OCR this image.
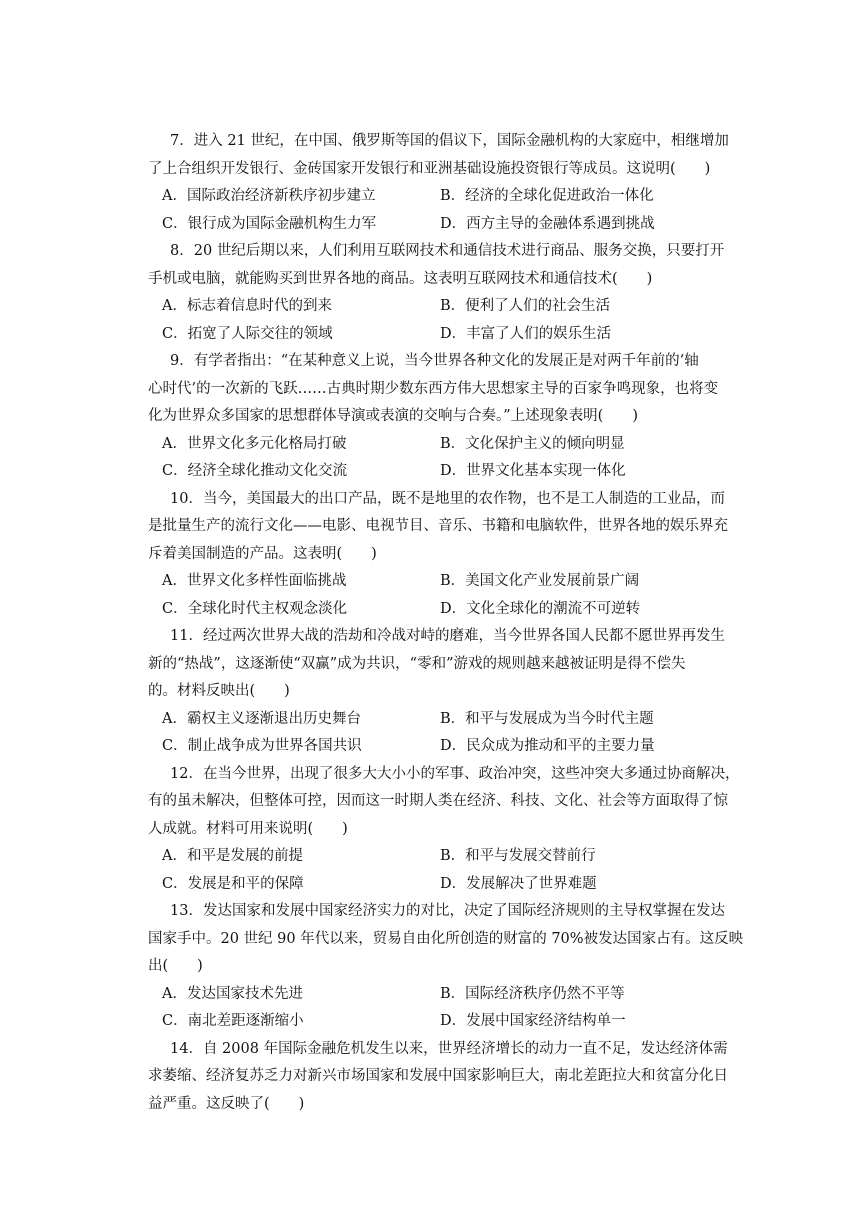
7．进入 21 世纪，在中国、俄罗斯等国的倡议下，国际金融机构的大家庭中，相继增加
了上合组织开发银行、金砖国家开发银行和亚洲基础设施投资银行等成员。这说明(　　)
A．国际政治经济新秩序初步建立	B．经济的全球化促进政治一体化
C．银行成为国际金融机构生力军	D．西方主导的金融体系遇到挑战
8．20 世纪后期以来，人们利用互联网技术和通信技术进行商品、服务交换，只要打开
手机或电脑，就能购买到世界各地的商品。这表明互联网技术和通信技术(　　)
A．标志着信息时代的到来	B．便利了人们的社会生活
C．拓宽了人际交往的领域	D．丰富了人们的娱乐生活
9．有学者指出：“在某种意义上说，当今世界各种文化的发展正是对两千年前的‘轴
心时代’的一次新的飞跃……古典时期少数东西方伟大思想家主导的百家争鸣现象，也将变
化为世界众多国家的思想群体导演或表演的交响与合奏。”上述现象表明(　　)
A．世界文化多元化格局打破	B．文化保护主义的倾向明显
C．经济全球化推动文化交流	D．世界文化基本实现一体化
10．当今，美国最大的出口产品，既不是地里的农作物，也不是工人制造的工业品，而
是批量生产的流行文化——电影、电视节目、音乐、书籍和电脑软件，世界各地的娱乐界充
斥着美国制造的产品。这表明(　　)
A．世界文化多样性面临挑战	B．美国文化产业发展前景广阔
C．全球化时代主权观念淡化	D．文化全球化的潮流不可逆转
11．经过两次世界大战的浩劫和冷战对峙的磨难，当今世界各国人民都不愿世界再发生
新的“热战”，这逐渐使“双赢”成为共识，“零和”游戏的规则越来越被证明是得不偿失
的。材料反映出(　　)
A．霸权主义逐渐退出历史舞台	B．和平与发展成为当今时代主题
C．制止战争成为世界各国共识	D．民众成为推动和平的主要力量
12．在当今世界，出现了很多大大小小的军事、政治冲突，这些冲突大多通过协商解决，
有的虽未解决，但整体可控，因而这一时期人类在经济、科技、文化、社会等方面取得了惊
人成就。材料可用来说明(　　)
A．和平是发展的前提	B．和平与发展交替前行
C．发展是和平的保障	D．发展解决了世界难题
13．发达国家和发展中国家经济实力的对比，决定了国际经济规则的主导权掌握在发达
国家手中。20 世纪 90 年代以来，贸易自由化所创造的财富的 70%被发达国家占有。这反映
出(　　)
A．发达国家技术先进	B．国际经济秩序仍然不平等
C．南北差距逐渐缩小	D．发展中国家经济结构单一
14．自 2008 年国际金融危机发生以来，世界经济增长的动力一直不足，发达经济体需
求萎缩、经济复苏乏力对新兴市场国家和发展中国家影响巨大，南北差距拉大和贫富分化日
益严重。这反映了(　　)
